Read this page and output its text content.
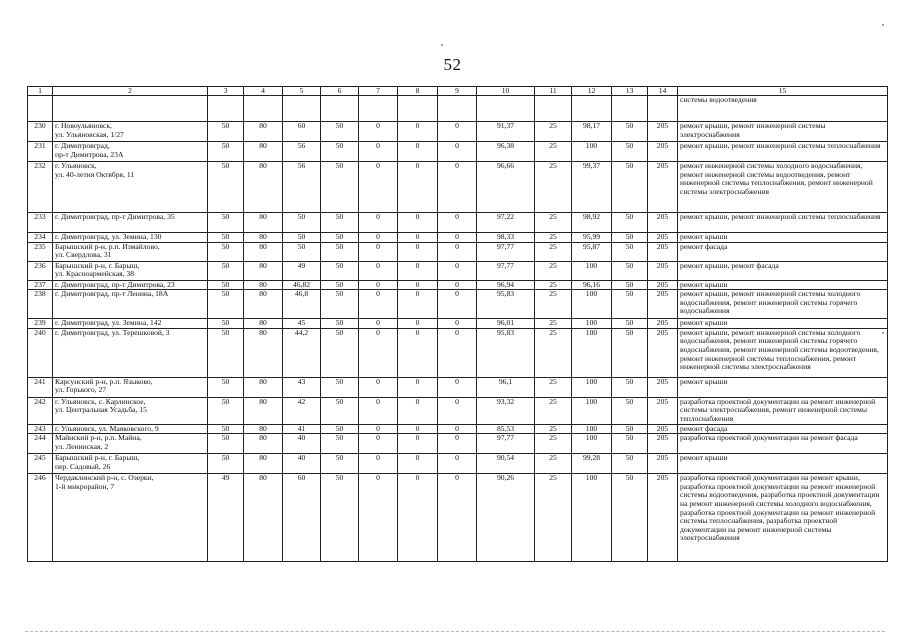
52
1	2	3	4	5	6	7	8	9	10	11	12	13	14	15
														системы водоотведения
230	г. Новоульяновск,
ул. Ульяновская, 1/27	50	80	60	50	0	0	0	91,37	25	98,17	50	205	ремонт крыши, ремонт инженерной системы электроснабжения
231	г. Димитровград,
пр-т Димитрова, 23А	50	80	56	50	0	0	0	96,38	25	100	50	205	ремонт крыши, ремонт инженерной системы теплоснабжения
232	г. Ульяновск,
ул. 40-летия Октября, 11	50	80	56	50	0	0	0	96,66	25	99,37	50	205	ремонт инженерной системы холодного водоснабжения, ремонт инженерной системы водоотведения, ремонт инженерной системы теплоснабжения, ремонт инженерной системы электроснабжения
233	г. Димитровград, пр-т Димитрова, 35	50	80	50	50	0	0	0	97,22	25	98,92	50	205	ремонт крыши, ремонт инженерной системы теплоснабжения
234	г. Димитровград, ул. Земина, 130	50	80	50	50	0	0	0	98,33	25	95,99	50	205	ремонт крыши
235	Барышский р-н, р.п. Измайлово,
ул. Свердлова, 31	50	80	50	50	0	0	0	97,77	25	95,87	50	205	ремонт фасада
236	Барышский р-н, г. Барыш,
ул. Красноармейская, 38	50	80	49	50	0	0	0	97,77	25	100	50	205	ремонт крыши, ремонт фасада
237	г. Димитровград, пр-т Димитрова, 23	50	80	46,82	50	0	0	0	96,94	25	96,16	50	205	ремонт крыши
238	г. Димитровград, пр-т Ленина, 18А	50	80	46,8	50	0	0	0	95,83	25	100	50	205	ремонт крыши, ремонт инженерной системы холодного водоснабжения, ремонт инженерной системы горячего водоснабжения
239	г. Димитровград, ул. Земина, 142	50	80	45	50	0	0	0	96,01	25	100	50	205	ремонт крыши
240	г. Димитровград, ул. Терешковой, 3	50	80	44,2	50	0	0	0	95,83	25	100	50	205	ремонт крыши, ремонт инженерной системы холодного водоснабжения, ремонт инженерной системы горячего водоснабжения, ремонт инженерной системы водоотведения, ремонт инженерной системы теплоснабжения, ремонт инженерной системы электроснабжения
241	Карсунский р-н, р.п. Языково,
ул. Горького, 27	50	80	43	50	0	0	0	96,1	25	100	50	205	ремонт крыши
242	г. Ульяновск, с. Карлинское,
ул. Центральная Усадьба, 15	50	80	42	50	0	0	0	93,32	25	100	50	205	разработка проектной документации на ремонт инженерной системы электроснабжения, ремонт инженерной системы теплоснабжения
243	г. Ульяновск, ул. Маяковского, 9	50	80	41	50	0	0	0	85,53	25	100	50	205	ремонт фасада
244	Майнский р-н, р.п. Майна,
ул. Ленинская, 2	50	80	40	50	0	0	0	97,77	25	100	50	205	разработка проектной документации на ремонт фасада
245	Барышский р-н, г. Барыш,
пер. Садовый, 26	50	80	40	50	0	0	0	90,54	25	99,28	50	205	ремонт крыши
246	Чердаклинский р-н, с. Озерки,
1-й микрорайон, 7	49	80	60	50	0	0	0	90,26	25	100	50	205	разработка проектной документации на ремонт крыши, разработка проектной документации на ремонт инженерной системы водоотведения, разработка проектной документации на ремонт инженерной системы холодного водоснабжения, разработка проектной документации на ремонт инженерной системы теплоснабжения, разработка проектной документации на ремонт инженерной системы электроснабжения
